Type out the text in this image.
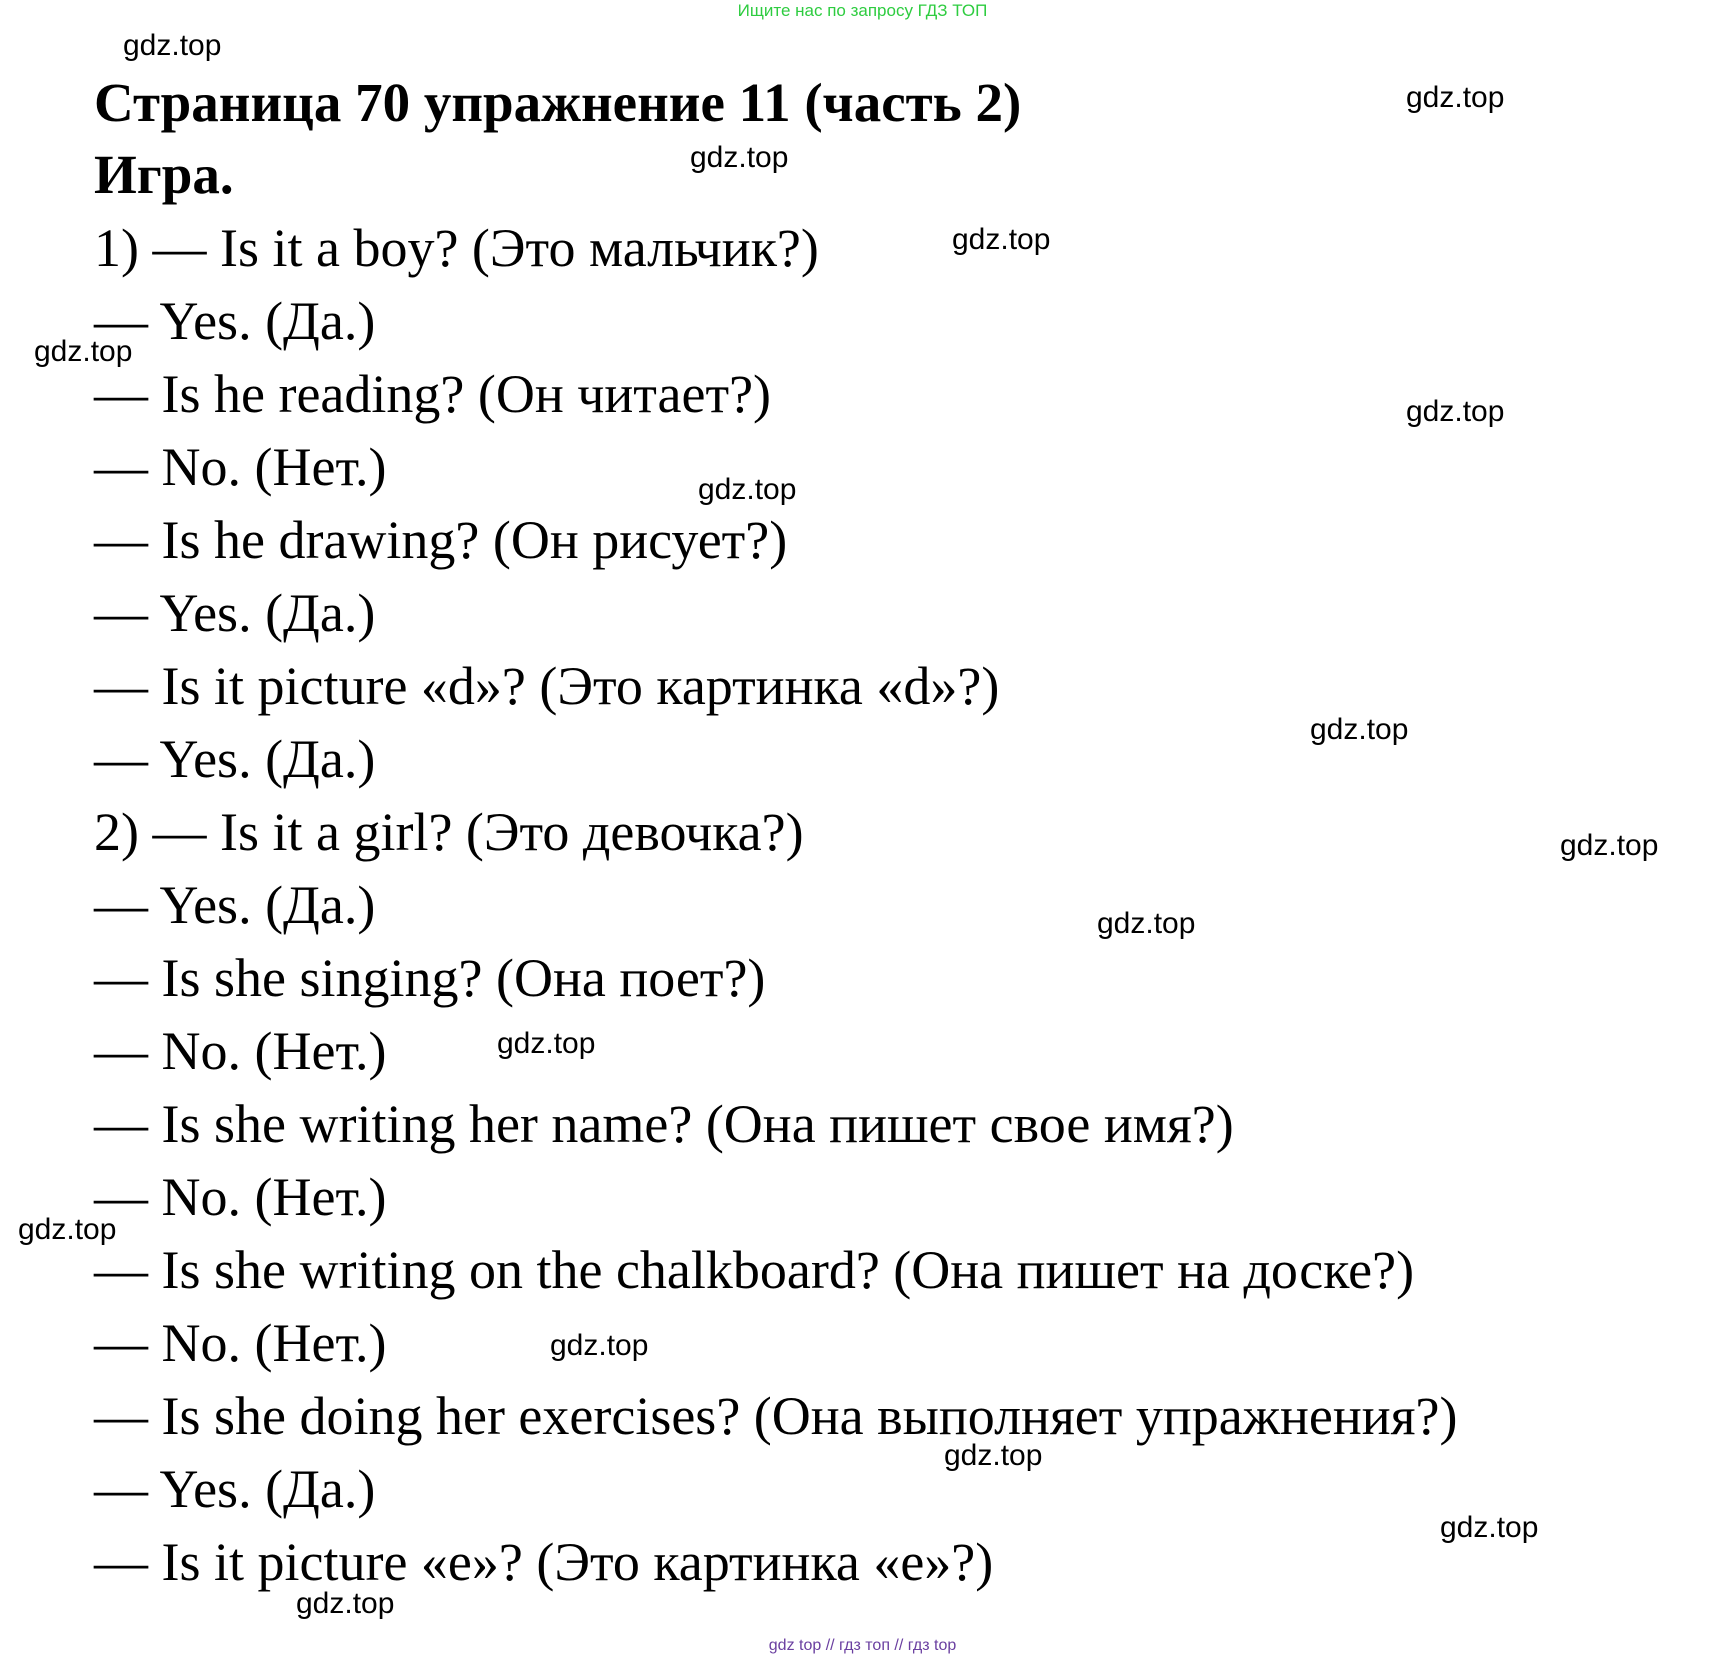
Ищите нас по запросу ГДЗ ТОП
Страница 70 упражнение 11 (часть 2)
Игра.
1) — Is it a boy? (Это мальчик?)
— Yes. (Да.)
— Is he reading? (Он читает?)
— No. (Нет.)
— Is he drawing? (Он рисует?)
— Yes. (Да.)
— Is it picture «d»? (Это картинка «d»?)
— Yes. (Да.)
2) — Is it a girl? (Это девочка?)
— Yes. (Да.)
— Is she singing? (Она поет?)
— No. (Нет.)
— Is she writing her name? (Она пишет свое имя?)
— No. (Нет.)
— Is she writing on the chalkboard? (Она пишет на доске?)
— No. (Нет.)
— Is she doing her exercises? (Она выполняет упражнения?)
— Yes. (Да.)
— Is it picture «е»? (Это картинка «е»?)
gdz.top
gdz.top
gdz.top
gdz.top
gdz.top
gdz.top
gdz.top
gdz.top
gdz.top
gdz.top
gdz.top
gdz.top
gdz.top
gdz.top
gdz.top
gdz.top
gdz top // гдз топ // гдз top
